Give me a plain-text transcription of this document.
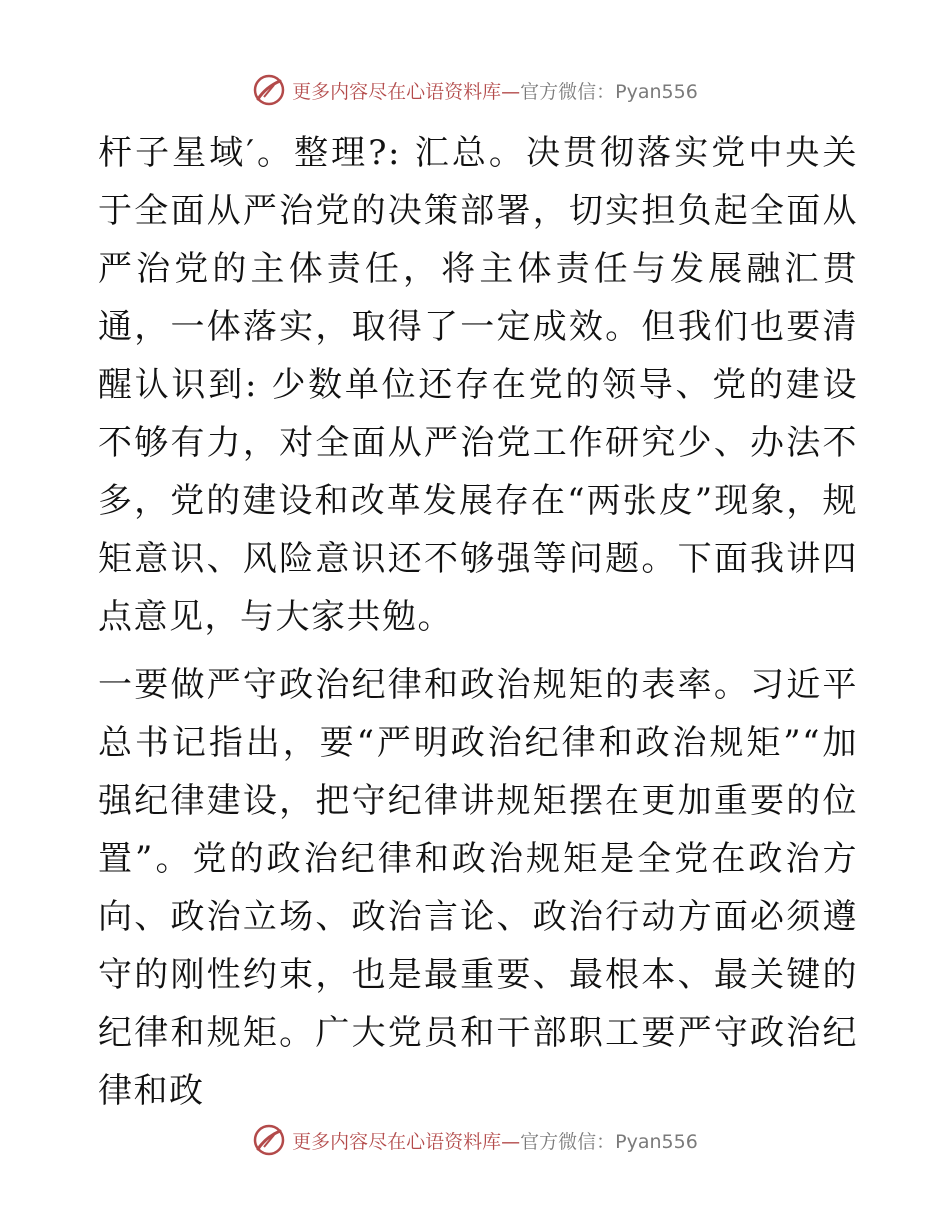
更多内容尽在心语资料库—官方微信：Pyan556

杆子星域′。整理?: 汇总。决贯彻落实党中央关于全面从严治党的决策部署，切实担负起全面从严治党的主体责任，将主体责任与发展融汇贯通，一体落实，取得了一定成效。但我们也要清醒认识到: 少数单位还存在党的领导、党的建设不够有力，对全面从严治党工作研究少、办法不多，党的建设和改革发展存在“两张皮”现象，规矩意识、风险意识还不够强等问题。下面我讲四点意见，与大家共勉。

一要做严守政治纪律和政治规矩的表率。习近平总书记指出，要“严明政治纪律和政治规矩”“加强纪律建设，把守纪律讲规矩摆在更加重要的位置”。党的政治纪律和政治规矩是全党在政治方向、政治立场、政治言论、政治行动方面必须遵守的刚性约束，也是最重要、最根本、最关键的纪律和规矩。广大党员和干部职工要严守政治纪律和政

更多内容尽在心语资料库—官方微信：Pyan556
